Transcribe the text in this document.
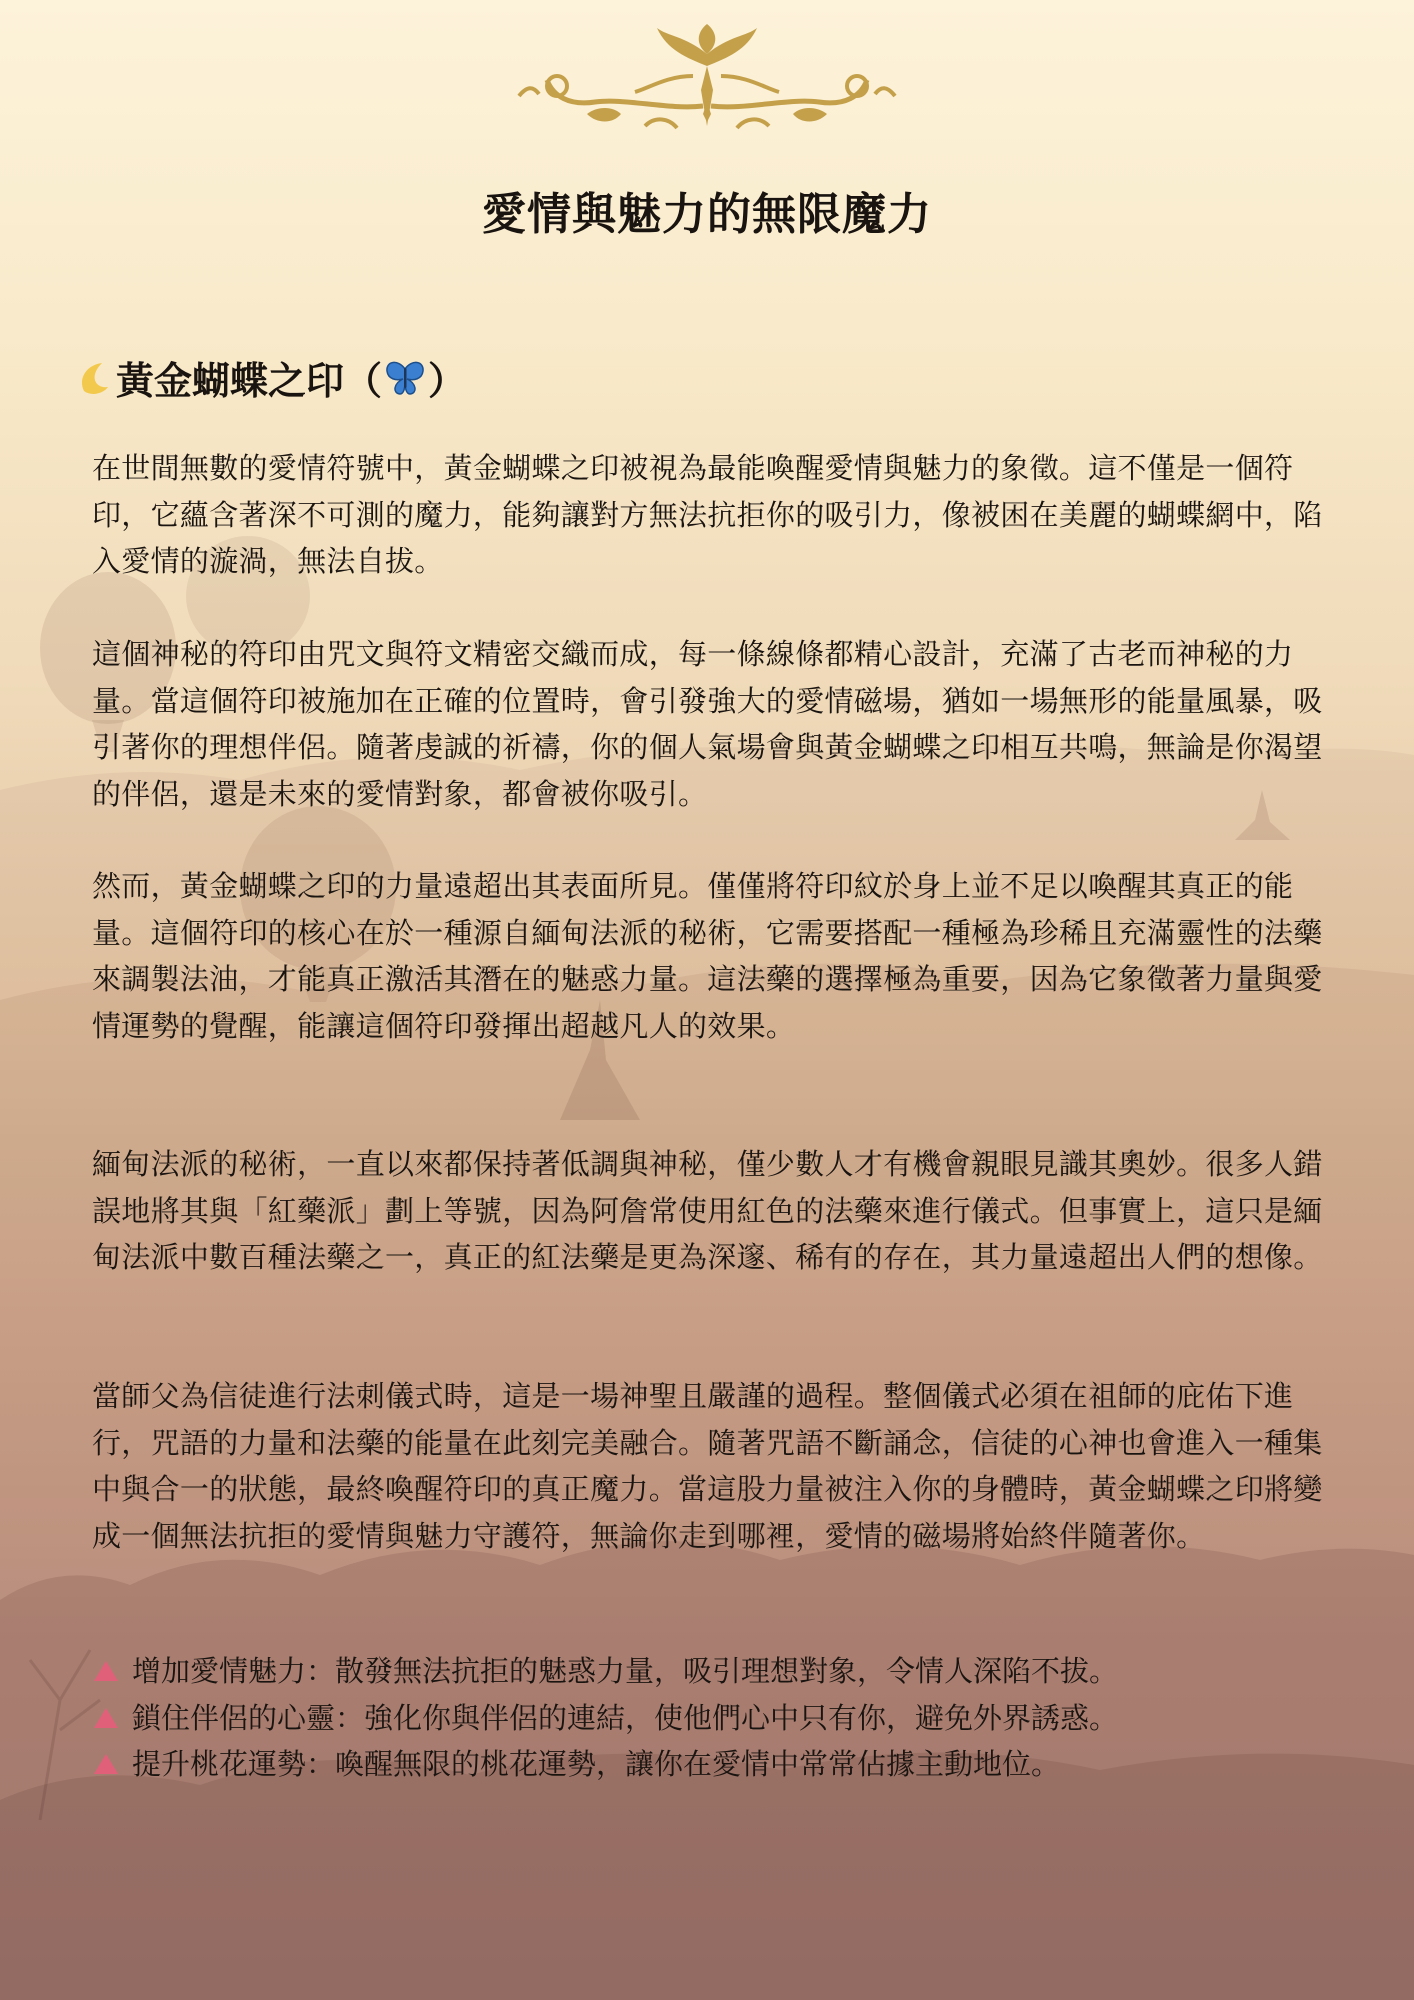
愛情與魅力的無限魔力
黃金蝴蝶之印（ ）

在世間無數的愛情符號中，黃金蝴蝶之印被視為最能喚醒愛情與魅力的象徵。這不僅是一個符印，它蘊含著深不可測的魔力，能夠讓對方無法抗拒你的吸引力，像被困在美麗的蝴蝶網中，陷入愛情的漩渦，無法自拔。

這個神秘的符印由咒文與符文精密交織而成，每一條線條都精心設計，充滿了古老而神秘的力量。當這個符印被施加在正確的位置時，會引發強大的愛情磁場，猶如一場無形的能量風暴，吸引著你的理想伴侶。隨著虔誠的祈禱，你的個人氣場會與黃金蝴蝶之印相互共鳴，無論是你渴望的伴侶，還是未來的愛情對象，都會被你吸引。

然而，黃金蝴蝶之印的力量遠超出其表面所見。僅僅將符印紋於身上並不足以喚醒其真正的能量。這個符印的核心在於一種源自緬甸法派的秘術，它需要搭配一種極為珍稀且充滿靈性的法藥來調製法油，才能真正激活其潛在的魅惑力量。這法藥的選擇極為重要，因為它象徵著力量與愛情運勢的覺醒，能讓這個符印發揮出超越凡人的效果。

緬甸法派的秘術，一直以來都保持著低調與神秘，僅少數人才有機會親眼見識其奧妙。很多人錯誤地將其與「紅藥派」劃上等號，因為阿詹常使用紅色的法藥來進行儀式。但事實上，這只是緬甸法派中數百種法藥之一，真正的紅法藥是更為深邃、稀有的存在，其力量遠超出人們的想像。

當師父為信徒進行法刺儀式時，這是一場神聖且嚴謹的過程。整個儀式必須在祖師的庇佑下進行，咒語的力量和法藥的能量在此刻完美融合。隨著咒語不斷誦念，信徒的心神也會進入一種集中與合一的狀態，最終喚醒符印的真正魔力。當這股力量被注入你的身體時，黃金蝴蝶之印將變成一個無法抗拒的愛情與魅力守護符，無論你走到哪裡，愛情的磁場將始終伴隨著你。

增加愛情魅力：散發無法抗拒的魅惑力量，吸引理想對象，令情人深陷不拔。
鎖住伴侶的心靈：強化你與伴侶的連結，使他們心中只有你，避免外界誘惑。
提升桃花運勢：喚醒無限的桃花運勢，讓你在愛情中常常佔據主動地位。
